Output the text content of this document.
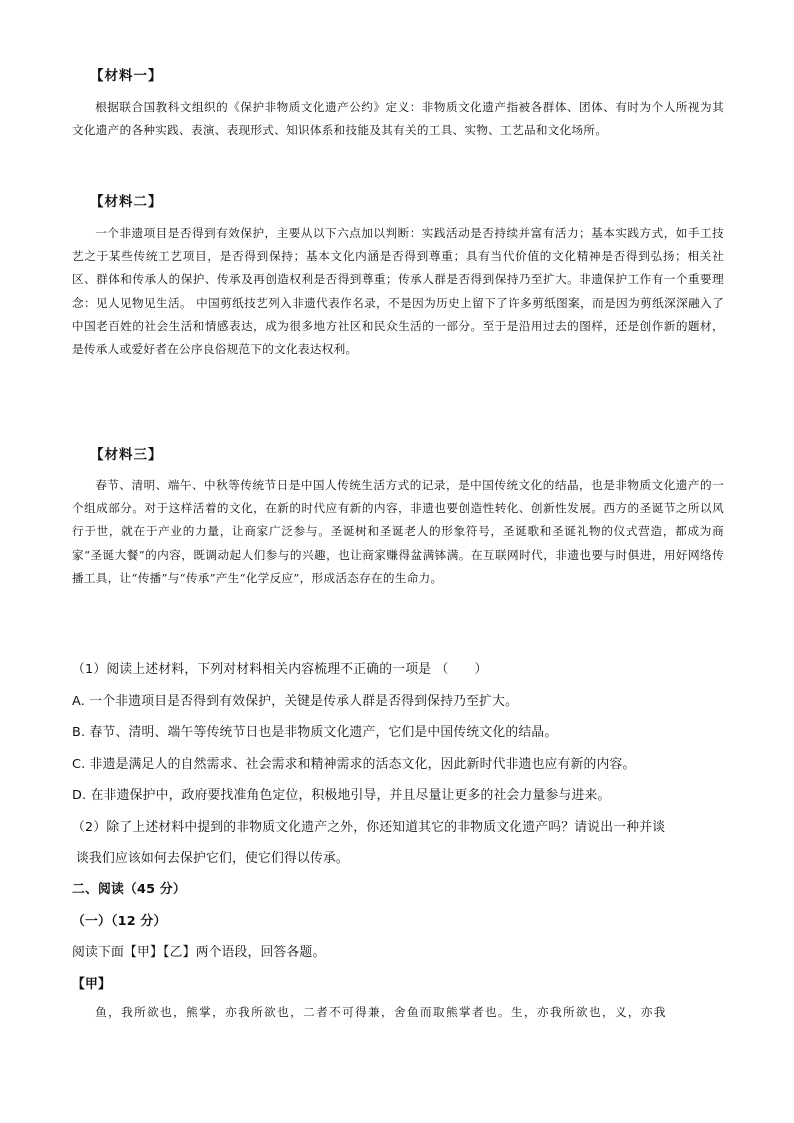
【材料一】
根据联合国教科文组织的《保护非物质文化遗产公约》定义：非物质文化遗产指被各群体、团体、有时为个人所视为其文化遗产的各种实践、表演、表现形式、知识体系和技能及其有关的工具、实物、工艺品和文化场所。
【材料二】
一个非遗项目是否得到有效保护，主要从以下六点加以判断：实践活动是否持续并富有活力；基本实践方式，如手工技艺之于某些传统工艺项目，是否得到保持；基本文化内涵是否得到尊重；具有当代价值的文化精神是否得到弘扬；相关社区、群体和传承人的保护、传承及再创造权利是否得到尊重；传承人群是否得到保持乃至扩大。非遗保护工作有一个重要理念：见人见物见生活。 中国剪纸技艺列入非遗代表作名录，不是因为历史上留下了许多剪纸图案，而是因为剪纸深深融入了中国老百姓的社会生活和情感表达，成为很多地方社区和民众生活的一部分。至于是沿用过去的图样，还是创作新的题材，是传承人或爱好者在公序良俗规范下的文化表达权利。
【材料三】
春节、清明、端午、中秋等传统节日是中国人传统生活方式的记录，是中国传统文化的结晶，也是非物质文化遗产的一个组成部分。对于这样活着的文化，在新的时代应有新的内容，非遗也要创造性转化、创新性发展。西方的圣诞节之所以风行于世，就在于产业的力量，让商家广泛参与。圣诞树和圣诞老人的形象符号，圣诞歌和圣诞礼物的仪式营造，都成为商家“圣诞大餐”的内容，既调动起人们参与的兴趣，也让商家赚得盆满钵满。在互联网时代，非遗也要与时俱进，用好网络传播工具，让“传播”与“传承”产生“化学反应”，形成活态存在的生命力。
（1）阅读上述材料，下列对材料相关内容梳理不正确的一项是 （　　）
A. 一个非遗项目是否得到有效保护，关键是传承人群是否得到保持乃至扩大。
B. 春节、清明、端午等传统节日也是非物质文化遗产，它们是中国传统文化的结晶。
C. 非遗是满足人的自然需求、社会需求和精神需求的活态文化，因此新时代非遗也应有新的内容。
D. 在非遗保护中，政府要找准角色定位，积极地引导，并且尽量让更多的社会力量参与进来。
（2）除了上述材料中提到的非物质文化遗产之外，你还知道其它的非物质文化遗产吗？请说出一种并谈
谈我们应该如何去保护它们，使它们得以传承。
二、阅读（45 分）
（一）（12 分）
阅读下面【甲】【乙】两个语段，回答各题。
【甲】
鱼，我所欲也，熊掌，亦我所欲也，二者不可得兼，舍鱼而取熊掌者也。生，亦我所欲也，义，亦我
